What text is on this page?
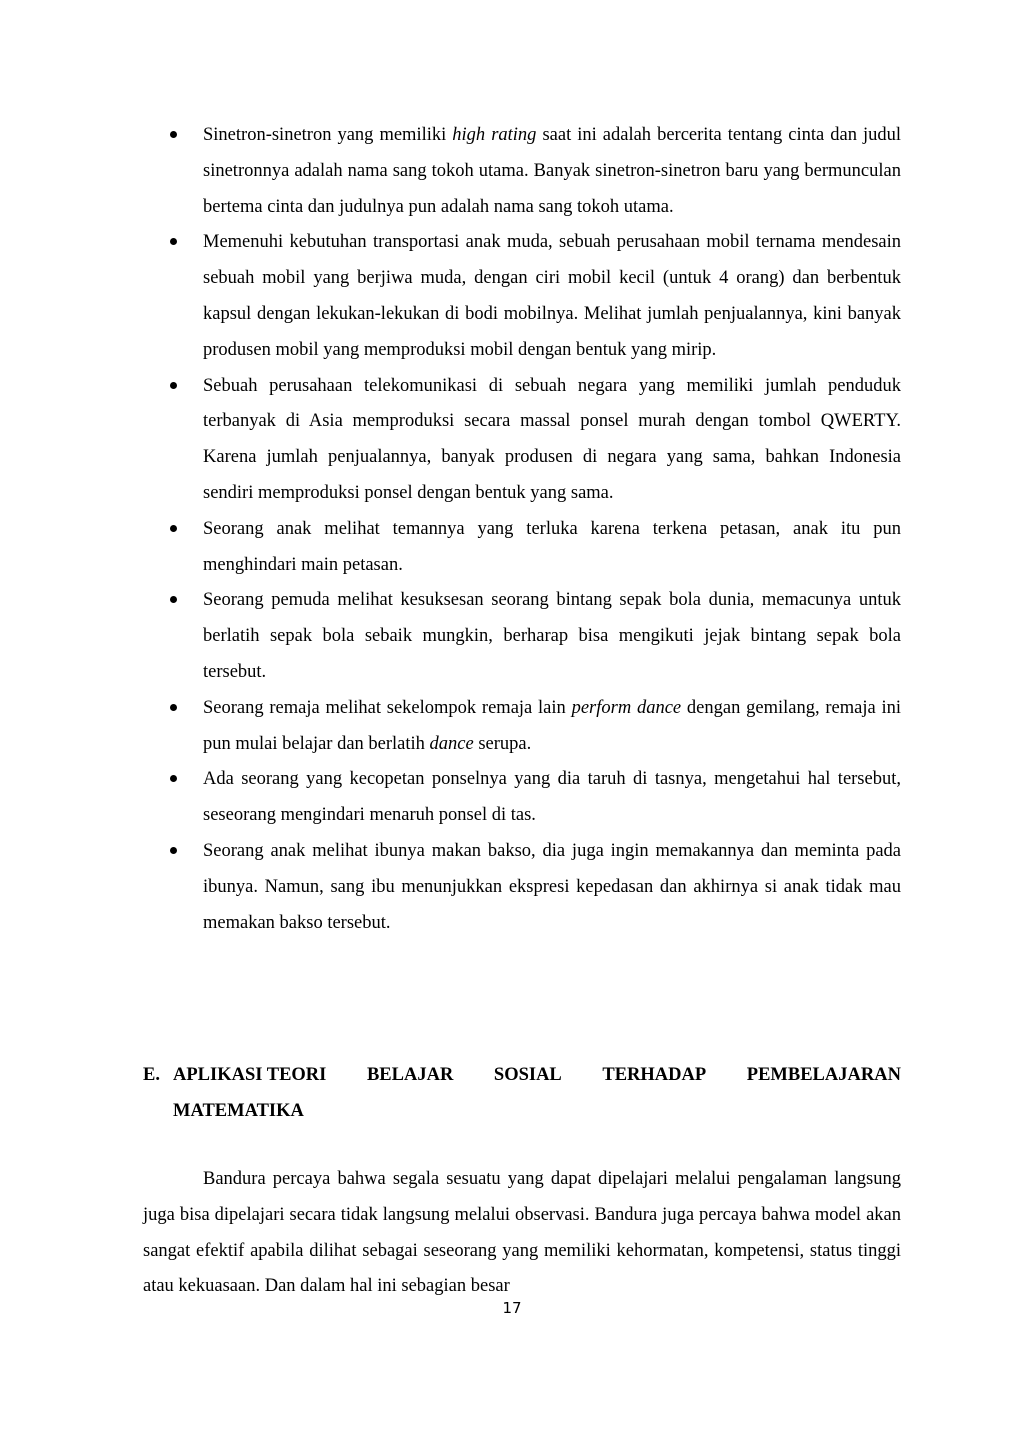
Sinetron-sinetron yang memiliki high rating saat ini adalah bercerita tentang cinta dan judul sinetronnya adalah nama sang tokoh utama. Banyak sinetron-sinetron baru yang bermunculan bertema cinta dan judulnya pun adalah nama sang tokoh utama.
Memenuhi kebutuhan transportasi anak muda, sebuah perusahaan mobil ternama mendesain sebuah mobil yang berjiwa muda, dengan ciri mobil kecil (untuk 4 orang) dan berbentuk kapsul dengan lekukan-lekukan di bodi mobilnya. Melihat jumlah penjualannya, kini banyak produsen mobil yang memproduksi mobil dengan bentuk yang mirip.
Sebuah perusahaan telekomunikasi di sebuah negara yang memiliki jumlah penduduk terbanyak di Asia memproduksi secara massal ponsel murah dengan tombol QWERTY. Karena jumlah penjualannya, banyak produsen di negara yang sama, bahkan Indonesia sendiri memproduksi ponsel dengan bentuk yang sama.
Seorang anak melihat temannya yang terluka karena terkena petasan, anak itu pun menghindari main petasan.
Seorang pemuda melihat kesuksesan seorang bintang sepak bola dunia, memacunya untuk berlatih sepak bola sebaik mungkin, berharap bisa mengikuti jejak bintang sepak bola tersebut.
Seorang remaja melihat sekelompok remaja lain perform dance dengan gemilang, remaja ini pun mulai belajar dan berlatih dance serupa.
Ada seorang yang kecopetan ponselnya yang dia taruh di tasnya, mengetahui hal tersebut, seseorang mengindari menaruh ponsel di tas.
Seorang anak melihat ibunya makan bakso, dia juga ingin memakannya dan meminta pada ibunya. Namun, sang ibu menunjukkan ekspresi kepedasan dan akhirnya si anak tidak mau memakan bakso tersebut.
E. APLIKASI TEORI BELAJAR SOSIAL TERHADAP PEMBELAJARAN
MATEMATIKA

Bandura percaya bahwa segala sesuatu yang dapat dipelajari melalui pengalaman langsung juga bisa dipelajari secara tidak langsung melalui observasi. Bandura juga percaya bahwa model akan sangat efektif apabila dilihat sebagai seseorang yang memiliki kehormatan, kompetensi, status tinggi atau kekuasaan. Dan dalam hal ini sebagian besar

17
